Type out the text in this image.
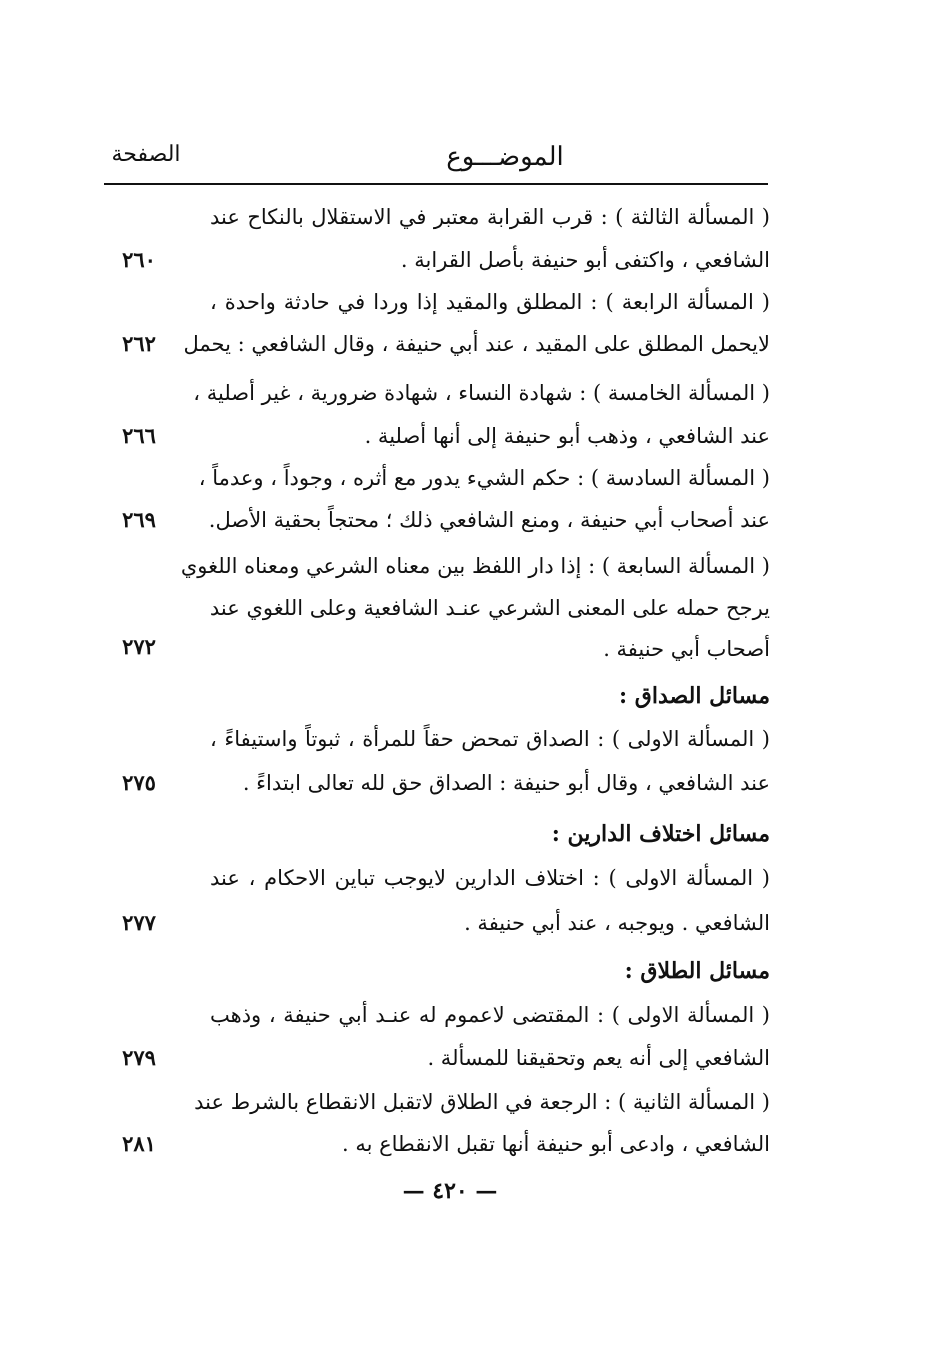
الموضـــوع
الصفحة
( المسألة الثالثة ) : قرب القرابة معتبر في الاستقلال بالنكاح عند
الشافعي ، واكتفى أبو حنيفة بأصل القرابة .
٢٦٠
( المسألة الرابعة ) : المطلق والمقيد إذا وردا في حادثة واحدة ،
لايحمل المطلق على المقيد ، عند أبي حنيفة ، وقال الشافعي : يحمل
٢٦٢
( المسألة الخامسة ) : شهادة النساء ، شهادة ضرورية ، غير أصلية ،
عند الشافعي ، وذهب أبو حنيفة إلى أنها أصلية .
٢٦٦
( المسألة السادسة ) : حكم الشيء يدور مع أثره ، وجوداً ، وعدماً ،
عند أصحاب أبي حنيفة ، ومنع الشافعي ذلك ؛ محتجاً بحقية الأصل.
٢٦٩
( المسألة السابعة ) : إذا دار اللفظ بين معناه الشرعي ومعناه اللغوي
يرجح حمله على المعنى الشرعي عنـد الشافعية وعلى اللغوي عند
أصحاب أبي حنيفة .
٢٧٢
مسائل الصداق :
( المسألة الاولى ) : الصداق تمحض حقاً للمرأة ، ثبوتاً واستيفاءً ،
عند الشافعي ، وقال أبو حنيفة : الصداق حق لله تعالى ابتداءً .
٢٧٥
مسائل اختلاف الدارين :
( المسألة الاولى ) : اختلاف الدارين لايوجب تباين الاحكام ، عند
الشافعي . ويوجبه ، عند أبي حنيفة .
٢٧٧
مسائل الطلاق :
( المسألة الاولى ) : المقتضى لاعموم له عنـد أبي حنيفة ، وذهب
الشافعي إلى أنه يعم وتحقيقنا للمسألة .
٢٧٩
( المسألة الثانية ) : الرجعة في الطلاق لاتقبل الانقطاع بالشرط عند
الشافعي ، وادعى أبو حنيفة أنها تقبل الانقطاع به .
٢٨١
— ٤٢٠ —
